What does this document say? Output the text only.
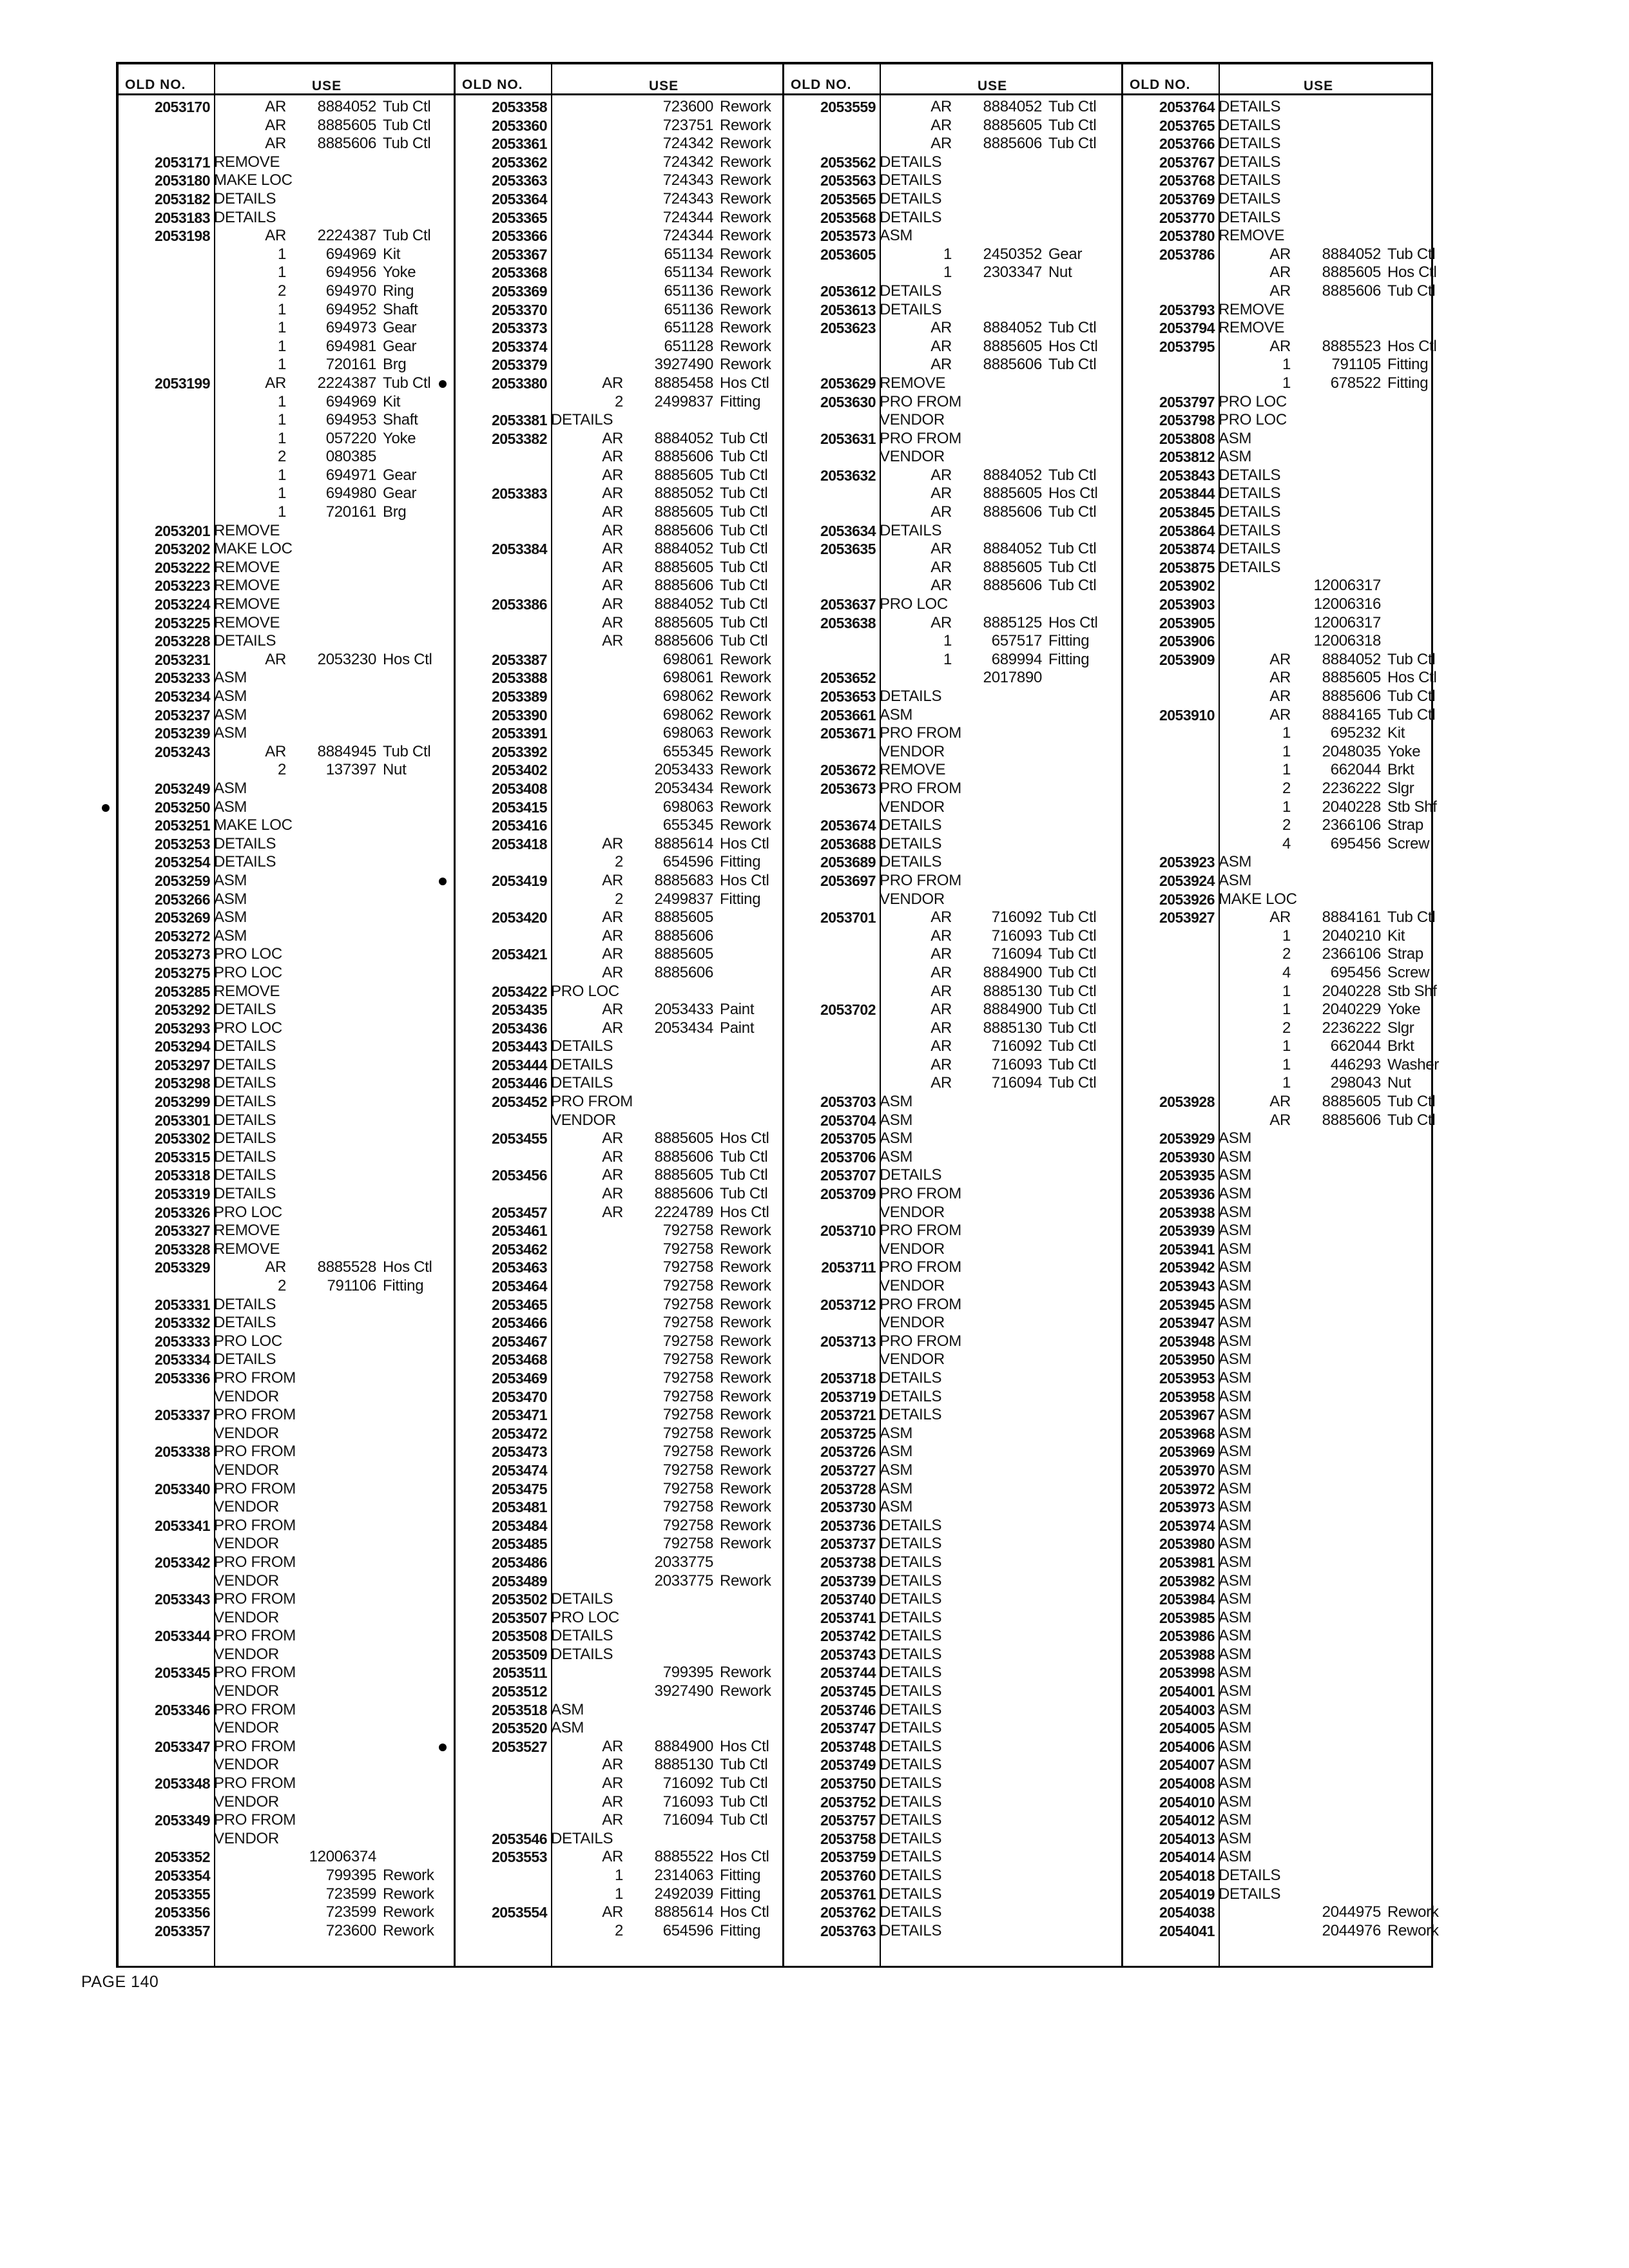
OLD NO.	USE
2053170	AR	8884052 Tub Ctl
AR	8885605 Tub Ctl
AR	8885606 Tub Ctl
2053171 REMOVE
2053180 MAKE LOC
2053182 DETAILS
2053183 DETAILS
2053198	AR	2224387 Tub Ctl
1	694969 Kit
1	694956 Yoke
2	694970 Ring
1	694952 Shaft
1	694973 Gear
1	694981 Gear
1	720161 Brg
2053199	AR	2224387 Tub Ctl
1	694969 Kit
1	694953 Shaft
1	057220 Yoke
2	080385
1	694971 Gear
1	694980 Gear
1	720161 Brg
2053201 REMOVE
2053202 MAKE LOC
2053222 REMOVE
2053223 REMOVE
2053224 REMOVE
2053225 REMOVE
2053228 DETAILS
2053231	AR	2053230 Hos Ctl
2053233 ASM
2053234 ASM
2053237 ASM
2053239 ASM
2053243	AR	8884945 Tub Ctl
2	137397 Nut
2053249 ASM
2053250 ASM
2053251 MAKE LOC
2053253 DETAILS
2053254 DETAILS
2053259 ASM
2053266 ASM
2053269 ASM
2053272 ASM
2053273 PRO LOC
2053275 PRO LOC
2053285 REMOVE
2053292 DETAILS
2053293 PRO LOC
2053294 DETAILS
2053297 DETAILS
2053298 DETAILS
2053299 DETAILS
2053301 DETAILS
2053302 DETAILS
2053315 DETAILS
2053318 DETAILS
2053319 DETAILS
2053326 PRO LOC
2053327 REMOVE
2053328 REMOVE
2053329	AR	8885528 Hos Ctl
2	791106 Fitting
2053331 DETAILS
2053332 DETAILS
2053333 PRO LOC
2053334 DETAILS
2053336 PRO FROM
VENDOR
2053337 PRO FROM
VENDOR
2053338 PRO FROM
VENDOR
2053340 PRO FROM
VENDOR
2053341 PRO FROM
VENDOR
2053342 PRO FROM
VENDOR
2053343 PRO FROM
VENDOR
2053344 PRO FROM
VENDOR
2053345 PRO FROM
VENDOR
2053346 PRO FROM
VENDOR
2053347 PRO FROM
VENDOR
2053348 PRO FROM
VENDOR
2053349 PRO FROM
VENDOR
2053352	12006374
2053354	799395 Rework
2053355	723599 Rework
2053356	723599 Rework
2053357	723600 Rework
OLD NO.	USE
2053358	723600 Rework
2053360	723751 Rework
2053361	724342 Rework
2053362	724342 Rework
2053363	724343 Rework
2053364	724343 Rework
2053365	724344 Rework
2053366	724344 Rework
2053367	651134 Rework
2053368	651134 Rework
2053369	651136 Rework
2053370	651136 Rework
2053373	651128 Rework
2053374	651128 Rework
2053379	3927490 Rework
2053380	AR	8885458 Hos Ctl
2	2499837 Fitting
2053381 DETAILS
2053382	AR	8884052 Tub Ctl
AR	8885606 Tub Ctl
AR	8885605 Tub Ctl
2053383	AR	8885052 Tub Ctl
AR	8885605 Tub Ctl
AR	8885606 Tub Ctl
2053384	AR	8884052 Tub Ctl
AR	8885605 Tub Ctl
AR	8885606 Tub Ctl
2053386	AR	8884052 Tub Ctl
AR	8885605 Tub Ctl
AR	8885606 Tub Ctl
2053387	698061 Rework
2053388	698061 Rework
2053389	698062 Rework
2053390	698062 Rework
2053391	698063 Rework
2053392	655345 Rework
2053402	2053433 Rework
2053408	2053434 Rework
2053415	698063 Rework
2053416	655345 Rework
2053418	AR	8885614 Hos Ctl
2	654596 Fitting
2053419	AR	8885683 Hos Ctl
2	2499837 Fitting
2053420	AR	8885605
AR	8885606
2053421	AR	8885605
AR	8885606
2053422 PRO LOC
2053435	AR	2053433 Paint
2053436	AR	2053434 Paint
2053443 DETAILS
2053444 DETAILS
2053446 DETAILS
2053452 PRO FROM
VENDOR
2053455	AR	8885605 Hos Ctl
AR	8885606 Tub Ctl
2053456	AR	8885605 Tub Ctl
AR	8885606 Tub Ctl
2053457	AR	2224789 Hos Ctl
2053461	792758 Rework
2053462	792758 Rework
2053463	792758 Rework
2053464	792758 Rework
2053465	792758 Rework
2053466	792758 Rework
2053467	792758 Rework
2053468	792758 Rework
2053469	792758 Rework
2053470	792758 Rework
2053471	792758 Rework
2053472	792758 Rework
2053473	792758 Rework
2053474	792758 Rework
2053475	792758 Rework
2053481	792758 Rework
2053484	792758 Rework
2053485	792758 Rework
2053486	2033775
2053489	2033775 Rework
2053502 DETAILS
2053507 PRO LOC
2053508 DETAILS
2053509 DETAILS
2053511	799395 Rework
2053512	3927490 Rework
2053518 ASM
2053520 ASM
2053527	AR	8884900 Hos Ctl
AR	8885130 Tub Ctl
AR	716092 Tub Ctl
AR	716093 Tub Ctl
AR	716094 Tub Ctl
2053546 DETAILS
2053553	AR	8885522 Hos Ctl
1	2314063 Fitting
1	2492039 Fitting
2053554	AR	8885614 Hos Ctl
2	654596 Fitting
OLD NO.	USE
2053559	AR	8884052 Tub Ctl
AR	8885605 Tub Ctl
AR	8885606 Tub Ctl
2053562 DETAILS
2053563 DETAILS
2053565 DETAILS
2053568 DETAILS
2053573 ASM
2053605	1	2450352 Gear
1	2303347 Nut
2053612 DETAILS
2053613 DETAILS
2053623	AR	8884052 Tub Ctl
AR	8885605 Hos Ctl
AR	8885606 Tub Ctl
2053629 REMOVE
2053630 PRO FROM
VENDOR
2053631 PRO FROM
VENDOR
2053632	AR	8884052 Tub Ctl
AR	8885605 Hos Ctl
AR	8885606 Tub Ctl
2053634 DETAILS
2053635	AR	8884052 Tub Ctl
AR	8885605 Tub Ctl
AR	8885606 Tub Ctl
2053637 PRO LOC
2053638	AR	8885125 Hos Ctl
1	657517 Fitting
1	689994 Fitting
2053652	2017890
2053653 DETAILS
2053661 ASM
2053671 PRO FROM
VENDOR
2053672 REMOVE
2053673 PRO FROM
VENDOR
2053674 DETAILS
2053688 DETAILS
2053689 DETAILS
2053697 PRO FROM
VENDOR
2053701	AR	716092 Tub Ctl
AR	716093 Tub Ctl
AR	716094 Tub Ctl
AR	8884900 Tub Ctl
AR	8885130 Tub Ctl
2053702	AR	8884900 Tub Ctl
AR	8885130 Tub Ctl
AR	716092 Tub Ctl
AR	716093 Tub Ctl
AR	716094 Tub Ctl
2053703 ASM
2053704 ASM
2053705 ASM
2053706 ASM
2053707 DETAILS
2053709 PRO FROM
VENDOR
2053710 PRO FROM
VENDOR
2053711 PRO FROM
VENDOR
2053712 PRO FROM
VENDOR
2053713 PRO FROM
VENDOR
2053718 DETAILS
2053719 DETAILS
2053721 DETAILS
2053725 ASM
2053726 ASM
2053727 ASM
2053728 ASM
2053730 ASM
2053736 DETAILS
2053737 DETAILS
2053738 DETAILS
2053739 DETAILS
2053740 DETAILS
2053741 DETAILS
2053742 DETAILS
2053743 DETAILS
2053744 DETAILS
2053745 DETAILS
2053746 DETAILS
2053747 DETAILS
2053748 DETAILS
2053749 DETAILS
2053750 DETAILS
2053752 DETAILS
2053757 DETAILS
2053758 DETAILS
2053759 DETAILS
2053760 DETAILS
2053761 DETAILS
2053762 DETAILS
2053763 DETAILS
OLD NO.	USE
2053764 DETAILS
2053765 DETAILS
2053766 DETAILS
2053767 DETAILS
2053768 DETAILS
2053769 DETAILS
2053770 DETAILS
2053780 REMOVE
2053786	AR	8884052 Tub Ctl
AR	8885605 Hos Ctl
AR	8885606 Tub Ctl
2053793 REMOVE
2053794 REMOVE
2053795	AR	8885523 Hos Ctl
1	791105 Fitting
1	678522 Fitting
2053797 PRO LOC
2053798 PRO LOC
2053808 ASM
2053812 ASM
2053843 DETAILS
2053844 DETAILS
2053845 DETAILS
2053864 DETAILS
2053874 DETAILS
2053875 DETAILS
2053902	12006317
2053903	12006316
2053905	12006317
2053906	12006318
2053909	AR	8884052 Tub Ctl
AR	8885605 Hos Ctl
AR	8885606 Tub Ctl
2053910	AR	8884165 Tub Ctl
1	695232 Kit
1	2048035 Yoke
1	662044 Brkt
2	2236222 Slgr
1	2040228 Stb Shf
2	2366106 Strap
4	695456 Screw
2053923 ASM
2053924 ASM
2053926 MAKE LOC
2053927	AR	8884161 Tub Ctl
1	2040210 Kit
2	2366106 Strap
4	695456 Screw
1	2040228 Stb Shf
1	2040229 Yoke
2	2236222 Slgr
1	662044 Brkt
1	446293 Washer
1	298043 Nut
2053928	AR	8885605 Tub Ctl
AR	8885606 Tub Ctl
2053929 ASM
2053930 ASM
2053935 ASM
2053936 ASM
2053938 ASM
2053939 ASM
2053941 ASM
2053942 ASM
2053943 ASM
2053945 ASM
2053947 ASM
2053948 ASM
2053950 ASM
2053953 ASM
2053958 ASM
2053967 ASM
2053968 ASM
2053969 ASM
2053970 ASM
2053972 ASM
2053973 ASM
2053974 ASM
2053980 ASM
2053981 ASM
2053982 ASM
2053984 ASM
2053985 ASM
2053986 ASM
2053988 ASM
2053998 ASM
2054001 ASM
2054003 ASM
2054005 ASM
2054006 ASM
2054007 ASM
2054008 ASM
2054010 ASM
2054012 ASM
2054013 ASM
2054014 ASM
2054018 DETAILS
2054019 DETAILS
2054038	2044975 Rework
2054041	2044976 Rework
PAGE 140
